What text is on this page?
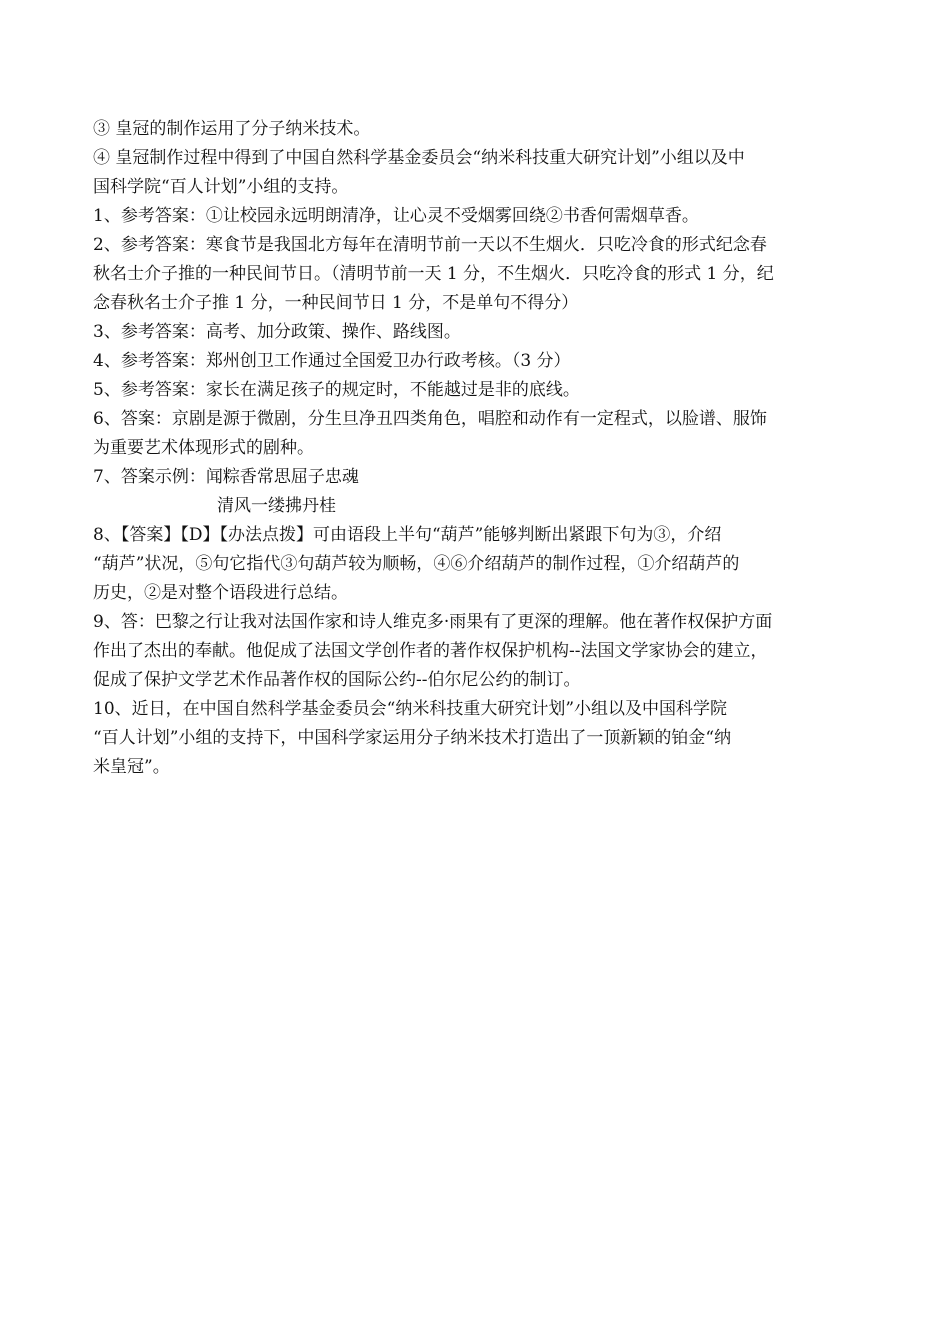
③ 皇冠的制作运用了分子纳米技术。
④ 皇冠制作过程中得到了中国自然科学基金委员会“纳米科技重大研究计划”小组以及中
国科学院“百人计划”小组的支持。
1、参考答案：①让校园永远明朗清净，让心灵不受烟雾回绕②书香何需烟草香。
2、参考答案：寒食节是我国北方每年在清明节前一天以不生烟火．只吃冷食的形式纪念春
秋名士介子推的一种民间节日。（清明节前一天 1 分，不生烟火．只吃冷食的形式 1 分，纪
念春秋名士介子推 1 分，一种民间节日 1 分，不是单句不得分）
3、参考答案：高考、加分政策、操作、路线图。
4、参考答案：郑州创卫工作通过全国爱卫办行政考核。（3 分）
5、参考答案：家长在满足孩子的规定时，不能越过是非的底线。
6、答案：京剧是源于微剧，分生旦净丑四类角色，唱腔和动作有一定程式，以脸谱、服饰
为重要艺术体现形式的剧种。
7、答案示例：闻粽香常思屈子忠魂
清风一缕拂丹桂
8、【答案】【D】【办法点拨】可由语段上半句“葫芦”能够判断出紧跟下句为③，介绍
“葫芦”状况，⑤句它指代③句葫芦较为顺畅，④⑥介绍葫芦的制作过程，①介绍葫芦的
历史，②是对整个语段进行总结。
9、答：巴黎之行让我对法国作家和诗人维克多·雨果有了更深的理解。他在著作权保护方面
作出了杰出的奉献。他促成了法国文学创作者的著作权保护机构--法国文学家协会的建立，
促成了保护文学艺术作品著作权的国际公约--伯尔尼公约的制订。
10、近日，在中国自然科学基金委员会“纳米科技重大研究计划”小组以及中国科学院
“百人计划”小组的支持下，中国科学家运用分子纳米技术打造出了一顶新颖的铂金“纳
米皇冠”。
